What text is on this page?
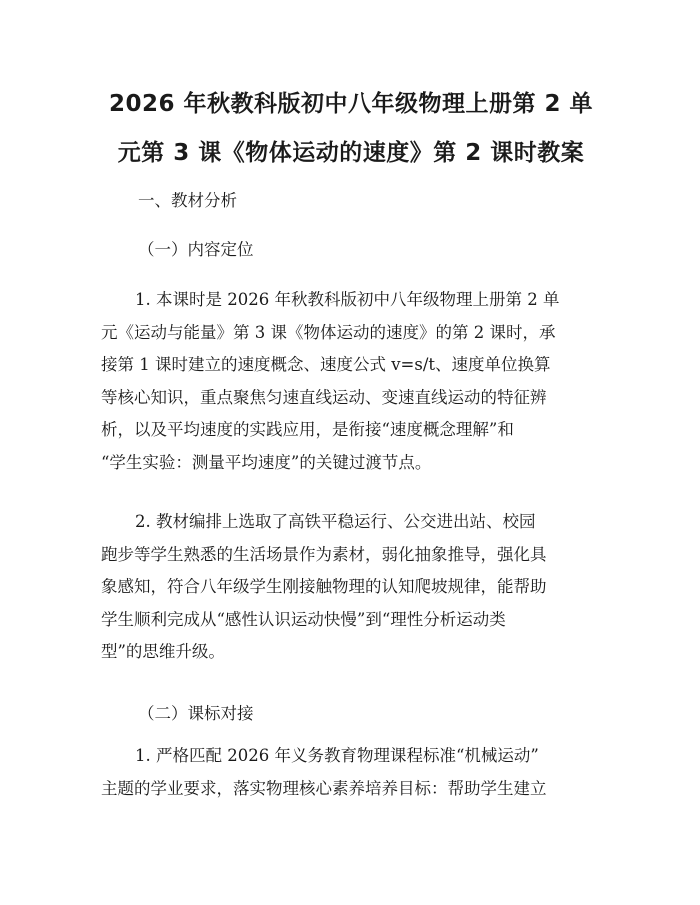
2026 年秋教科版初中八年级物理上册第 2 单
元第 3 课《物体运动的速度》第 2 课时教案
一、教材分析
（一）内容定位
1. 本课时是 2026 年秋教科版初中八年级物理上册第 2 单
元《运动与能量》第 3 课《物体运动的速度》的第 2 课时，承
接第 1 课时建立的速度概念、速度公式 v=s/t、速度单位换算
等核心知识，重点聚焦匀速直线运动、变速直线运动的特征辨
析，以及平均速度的实践应用，是衔接“速度概念理解”和
“学生实验：测量平均速度”的关键过渡节点。
2. 教材编排上选取了高铁平稳运行、公交进出站、校园
跑步等学生熟悉的生活场景作为素材，弱化抽象推导，强化具
象感知，符合八年级学生刚接触物理的认知爬坡规律，能帮助
学生顺利完成从“感性认识运动快慢”到“理性分析运动类
型”的思维升级。
（二）课标对接
1. 严格匹配 2026 年义务教育物理课程标准“机械运动”
主题的学业要求，落实物理核心素养培养目标：帮助学生建立
